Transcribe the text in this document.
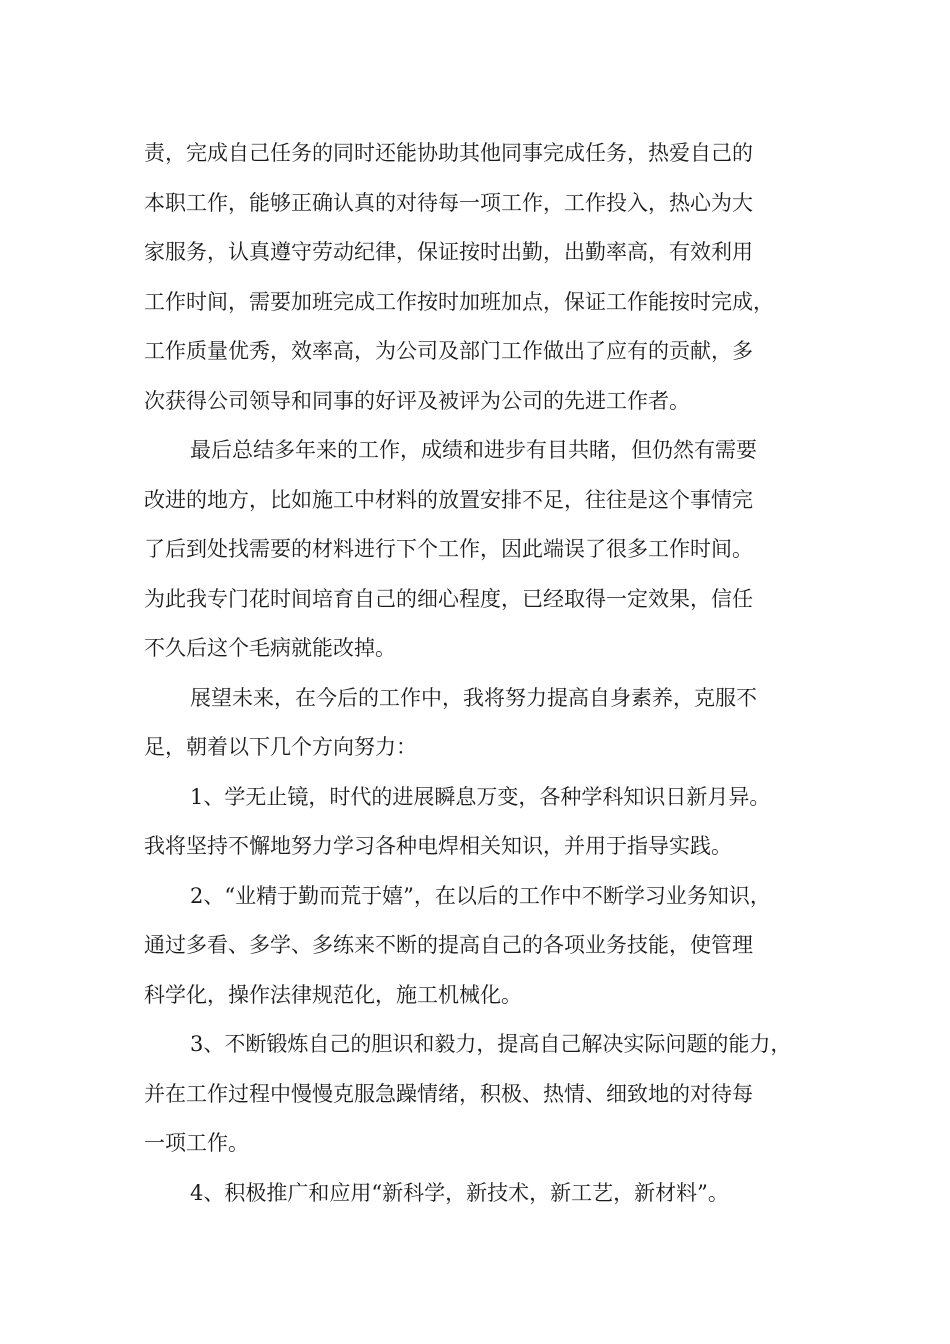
责，完成自己任务的同时还能协助其他同事完成任务，热爱自己的
本职工作，能够正确认真的对待每一项工作，工作投入，热心为大
家服务，认真遵守劳动纪律，保证按时出勤，出勤率高，有效利用
工作时间，需要加班完成工作按时加班加点，保证工作能按时完成，
工作质量优秀，效率高，为公司及部门工作做出了应有的贡献，多
次获得公司领导和同事的好评及被评为公司的先进工作者。

最后总结多年来的工作，成绩和进步有目共睹，但仍然有需要
改进的地方，比如施工中材料的放置安排不足，往往是这个事情完
了后到处找需要的材料进行下个工作，因此端误了很多工作时间。
为此我专门花时间培育自己的细心程度，已经取得一定效果，信任
不久后这个毛病就能改掉。

展望未来，在今后的工作中，我将努力提高自身素养，克服不
足，朝着以下几个方向努力：

1、学无止镜，时代的进展瞬息万变，各种学科知识日新月异。
我将坚持不懈地努力学习各种电焊相关知识，并用于指导实践。

2、“业精于勤而荒于嬉”，在以后的工作中不断学习业务知识，
通过多看、多学、多练来不断的提高自己的各项业务技能，使管理
科学化，操作法律规范化，施工机械化。

3、不断锻炼自己的胆识和毅力，提高自己解决实际问题的能力，
并在工作过程中慢慢克服急躁情绪，积极、热情、细致地的对待每
一项工作。

4、积极推广和应用“新科学，新技术，新工艺，新材料”。
